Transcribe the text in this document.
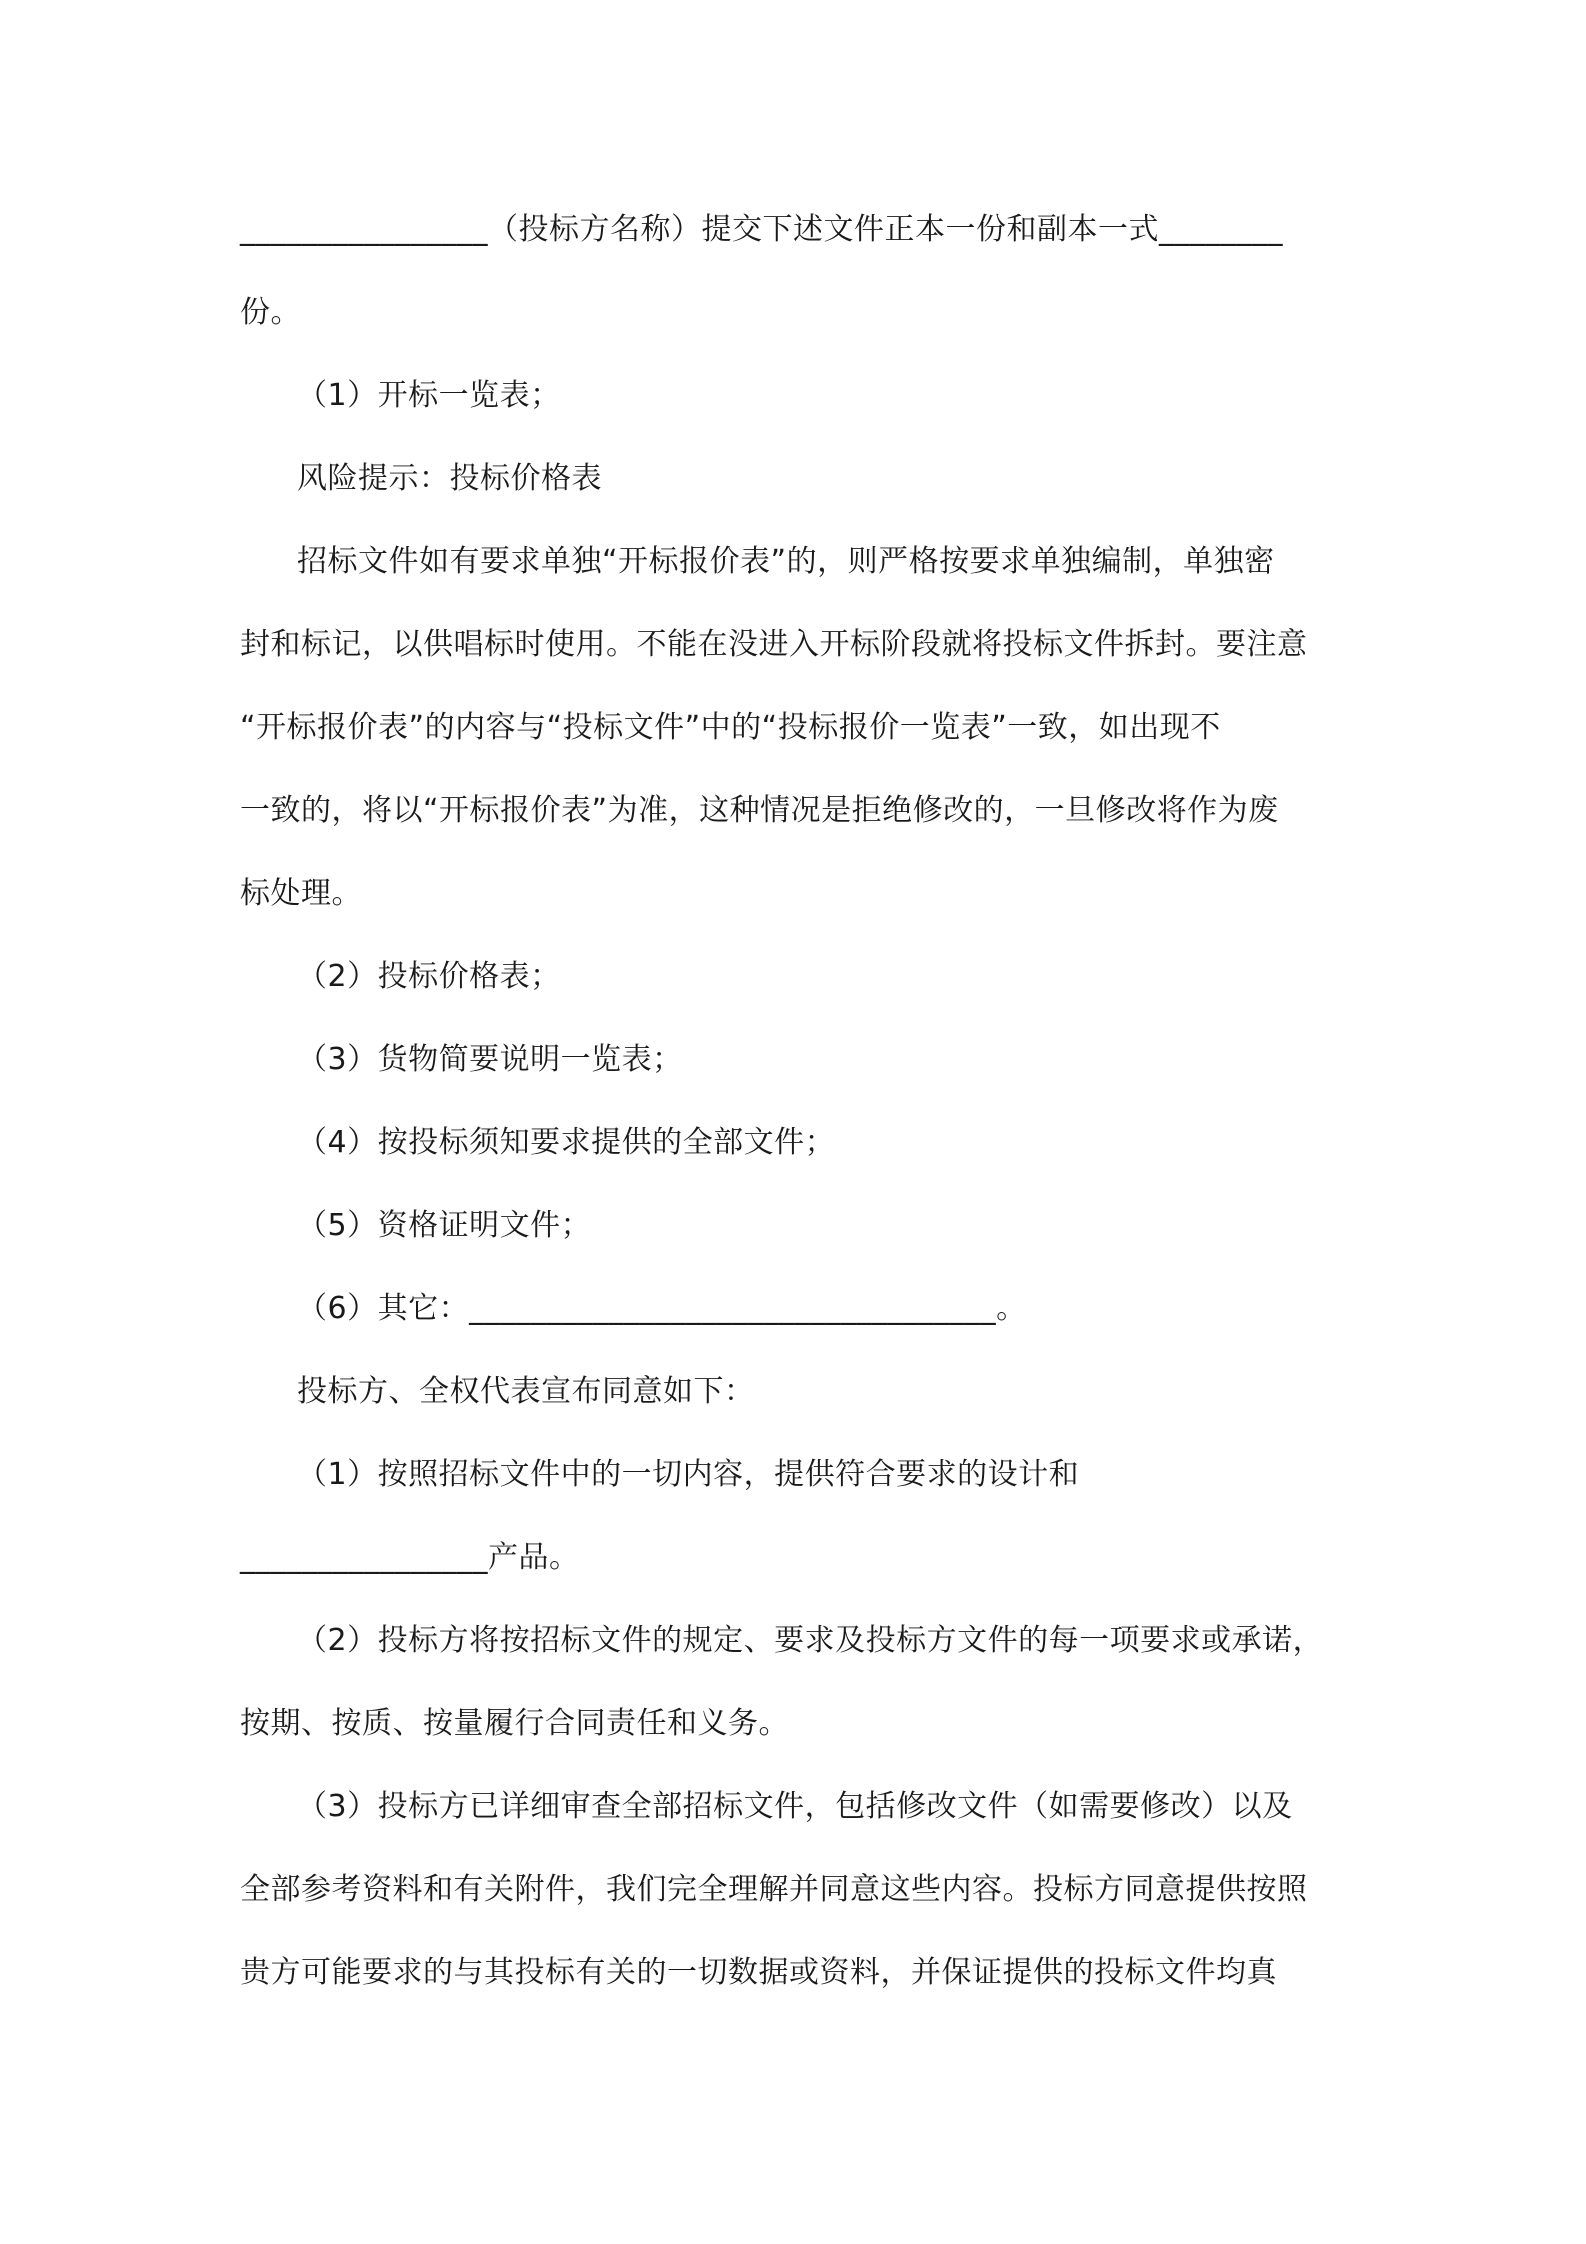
________________（投标方名称）提交下述文件正本一份和副本一式________
份。
（1）开标一览表；
风险提示：投标价格表
招标文件如有要求单独“开标报价表”的，则严格按要求单独编制，单独密
封和标记，以供唱标时使用。不能在没进入开标阶段就将投标文件拆封。要注意
“开标报价表”的内容与“投标文件”中的“投标报价一览表”一致，如出现不
一致的，将以“开标报价表”为准，这种情况是拒绝修改的，一旦修改将作为废
标处理。
（2）投标价格表；
（3）货物简要说明一览表；
（4）按投标须知要求提供的全部文件；
（5）资格证明文件；
（6）其它：__________________________________。
投标方、全权代表宣布同意如下：
（1）按照招标文件中的一切内容，提供符合要求的设计和
________________产品。
（2）投标方将按招标文件的规定、要求及投标方文件的每一项要求或承诺，
按期、按质、按量履行合同责任和义务。
（3）投标方已详细审查全部招标文件，包括修改文件（如需要修改）以及
全部参考资料和有关附件，我们完全理解并同意这些内容。投标方同意提供按照
贵方可能要求的与其投标有关的一切数据或资料，并保证提供的投标文件均真
